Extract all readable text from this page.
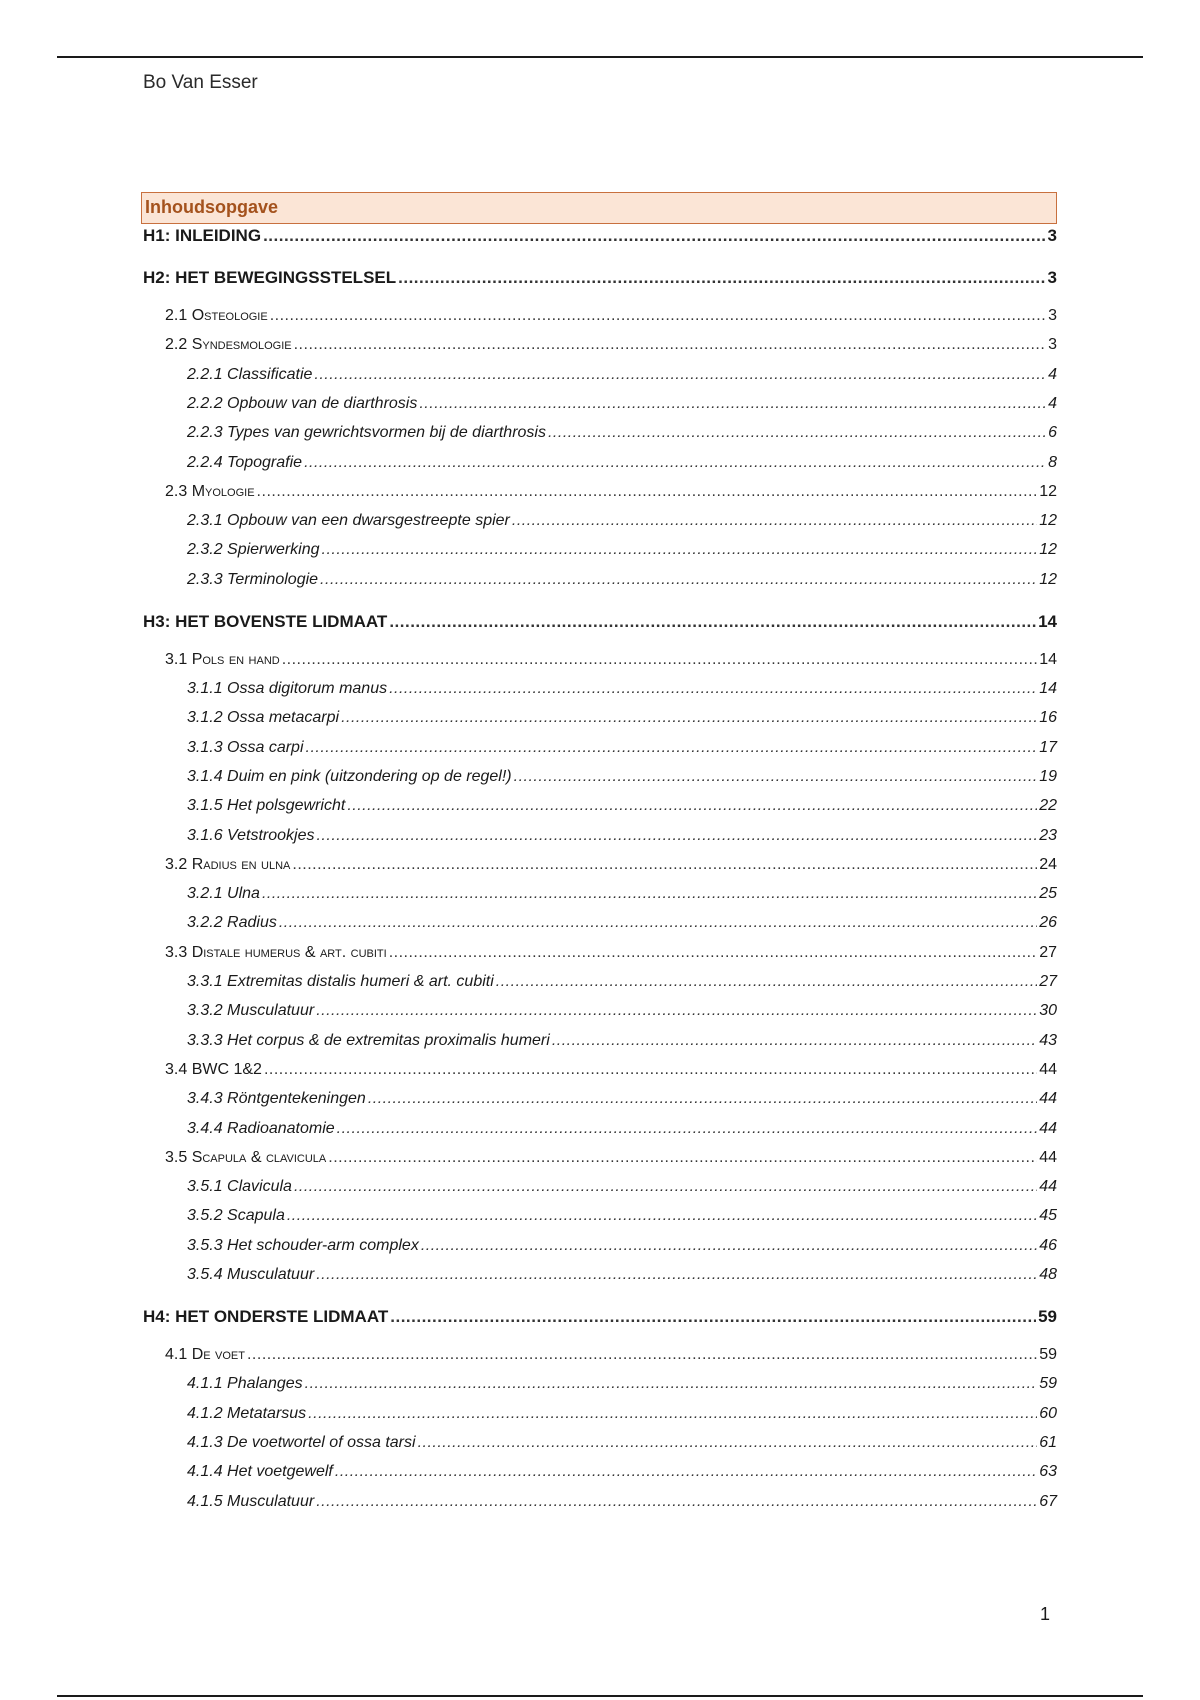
Bo Van Esser
Inhoudsopgave
H1: INLEIDING .....	3
H2: HET BEWEGINGSSTELSEL .....	3
2.1 Osteologie .....	3
2.2 Syndesmologie .....	3
2.2.1 Classificatie .....	4
2.2.2 Opbouw van de diarthrosis .....	4
2.2.3 Types van gewrichtsvormen bij de diarthrosis .....	6
2.2.4 Topografie .....	8
2.3 Myologie .....	12
2.3.1 Opbouw van een dwarsgestreepte spier .....	12
2.3.2 Spierwerking .....	12
2.3.3 Terminologie .....	12
H3: HET BOVENSTE LIDMAAT .....	14
3.1 Pols en hand .....	14
3.1.1 Ossa digitorum manus .....	14
3.1.2 Ossa metacarpi .....	16
3.1.3 Ossa carpi .....	17
3.1.4 Duim en pink (uitzondering op de regel!) .....	19
3.1.5 Het polsgewricht .....	22
3.1.6 Vetstrookjes .....	23
3.2 Radius en ulna .....	24
3.2.1 Ulna .....	25
3.2.2 Radius .....	26
3.3 Distale humerus & art. cubiti .....	27
3.3.1 Extremitas distalis humeri & art. cubiti .....	27
3.3.2 Musculatuur .....	30
3.3.3 Het corpus & de extremitas proximalis humeri .....	43
3.4 BWC 1&2 .....	44
3.4.3 Röntgentekeningen .....	44
3.4.4 Radioanatomie .....	44
3.5 Scapula & clavicula .....	44
3.5.1 Clavicula .....	44
3.5.2 Scapula .....	45
3.5.3 Het schouder-arm complex .....	46
3.5.4 Musculatuur .....	48
H4: HET ONDERSTE LIDMAAT .....	59
4.1 De voet .....	59
4.1.1 Phalanges .....	59
4.1.2 Metatarsus .....	60
4.1.3 De voetwortel of ossa tarsi .....	61
4.1.4 Het voetgewelf .....	63
4.1.5 Musculatuur .....	67
1
